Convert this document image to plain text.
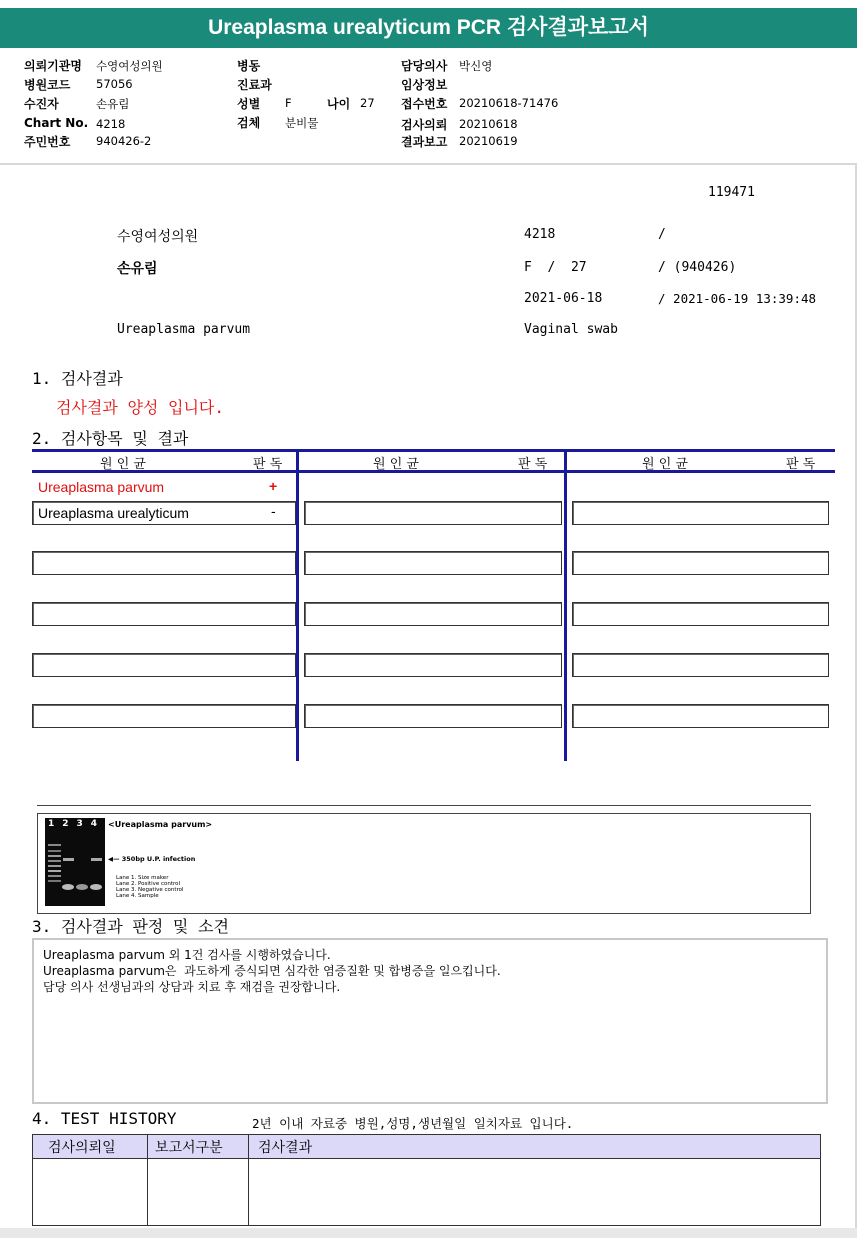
Ureaplasma urealyticum PCR 검사결과보고서
의뢰기관명 수영여성의원
병원코드 57056
수진자	손유림
Chart No. 4218
주민번호 940426-2
병동
진료과
성별 F	나이 27
검체 분비물
담당의사 박신영
임상정보
접수번호 20210618-71476
검사의뢰 20210618
결과보고 20210619
119471
수영여성의원	4218	/
손유림	F  /  27	/ (940426)
2021-06-18	/ 2021-06-19 13:39:48
Ureaplasma parvum	Vaginal swab
1. 검사결과
검사결과 양성 입니다.
2. 검사항목 및 결과
원 인 균	판 독	원 인 균	판 독	원 인 균	판 독
Ureaplasma parvum	+
Ureaplasma urealyticum	-
1234 <Ureaplasma parvum>
◀— 350bp U.P. infection
Lane 1. Size maker
Lane 2. Positive control
Lane 3. Negative control
Lane 4. Sample
3. 검사결과 판정 및 소견
Ureaplasma parvum 외 1건 검사를 시행하였습니다.
Ureaplasma parvum은  과도하게 증식되면 심각한 염증질환 및 합병증을 일으킵니다.
담당 의사 선생님과의 상담과 치료 후 재검을 권장합니다.
4. TEST HISTORY	2년 이내 자료중 병원,성명,생년월일 일치자료 입니다.
검사의뢰일	보고서구분	검사결과
